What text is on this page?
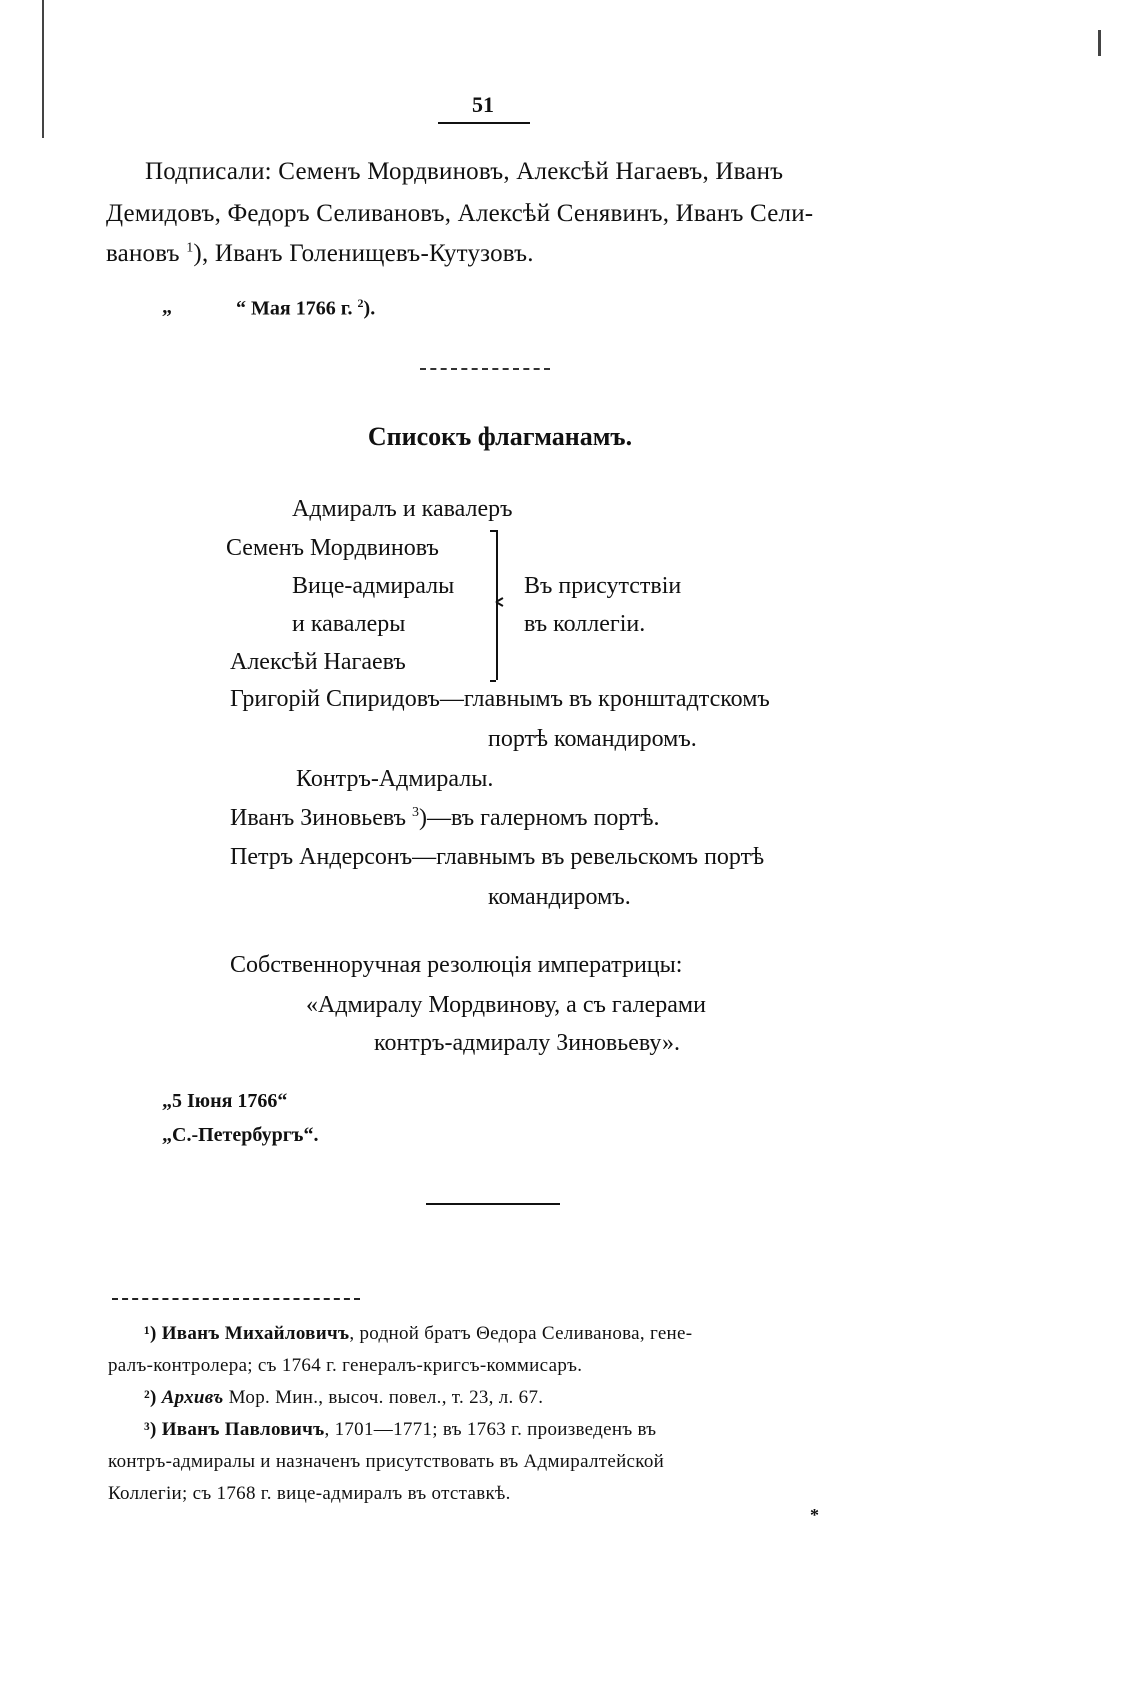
51
Подписали: Семенъ Мордвиновъ, Алексѣй Нагаевъ, Иванъ
Демидовъ, Федоръ Селивановъ, Алексѣй Сенявинъ, Иванъ Сели-
вановъ $^1$), Иванъ Голенищевъ-Кутузовъ.
„	“ Мая 1766 г. $^2$).
Списокъ флагманамъ.
Адмиралъ и кавалеръ
Семенъ Мордвиновъ
Вице-адмиралы
и кавалеры
Алексѣй Нагаевъ
Въ присутствiи
въ коллегiи.
Григорiй Спиридовъ—главнымъ въ кронштадтскомъ
портѣ командиромъ.
Контръ-Адмиралы.
Иванъ Зиновьевъ $^3$)—въ галерномъ портѣ.
Петръ Андерсонъ—главнымъ въ ревельскомъ портѣ
командиромъ.
Собственноручная резолюцiя императрицы:
«Адмиралу Мордвинову, а съ галерами
контръ-адмиралу Зиновьеву».
„5 Iюня 1766“
„С.-Петербургъ“.
¹) Иванъ Михайловичъ, родной братъ Θедора Селиванова, гене-
ралъ-контролера; съ 1764 г. генералъ-кригсъ-коммисаръ.
²) Архивъ Мор. Мин., высоч. повел., т. 23, л. 67.
³) Иванъ Павловичъ, 1701—1771; въ 1763 г. произведенъ въ
контръ-адмиралы и назначенъ присутствовать въ Адмиралтейской
Коллегiи; съ 1768 г. вице-адмиралъ въ отставкѣ.
*
